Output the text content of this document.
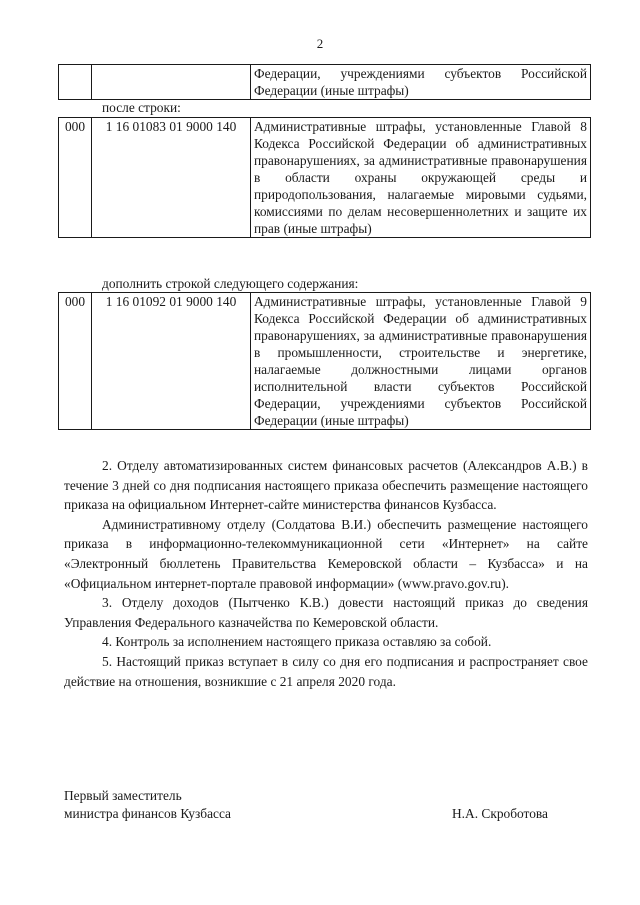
2
		Федерации, учреждениями субъектов Российской Федерации (иные штрафы)
после строки:
000	1 16 01083 01 9000 140	Административные штрафы, установленные Главой 8 Кодекса Российской Федерации об административных правонарушениях, за административные правонарушения в области охраны окружающей среды и природопользования, налагаемые мировыми судьями, комиссиями по делам несовершеннолетних и защите их прав (иные штрафы)
дополнить строкой следующего содержания:
000	1 16 01092 01 9000 140	Административные штрафы, установленные Главой 9 Кодекса Российской Федерации об административных правонарушениях, за административные правонарушения в промышленности, строительстве и энергетике, налагаемые должностными лицами органов исполнительной власти субъектов Российской Федерации, учреждениями субъектов Российской Федерации (иные штрафы)

2. Отделу автоматизированных систем финансовых расчетов (Александров А.В.) в течение 3 дней со дня подписания настоящего приказа обеспечить размещение настоящего приказа на официальном Интернет-сайте министерства финансов Кузбасса.

Административному отделу (Солдатова В.И.) обеспечить размещение настоящего приказа в информационно-телекоммуникационной сети «Интернет» на сайте «Электронный бюллетень Правительства Кемеровской области – Кузбасса» и на «Официальном интернет-портале правовой информации» (www.pravo.gov.ru).

3. Отделу доходов (Пытченко К.В.) довести настоящий приказ до сведения Управления Федерального казначейства по Кемеровской области.

4. Контроль за исполнением настоящего приказа оставляю за собой.

5. Настоящий приказ вступает в силу со дня его подписания и распространяет свое действие на отношения, возникшие с 21 апреля 2020 года.

Первый заместитель
министра финансов Кузбасса	Н.А. Скроботова
